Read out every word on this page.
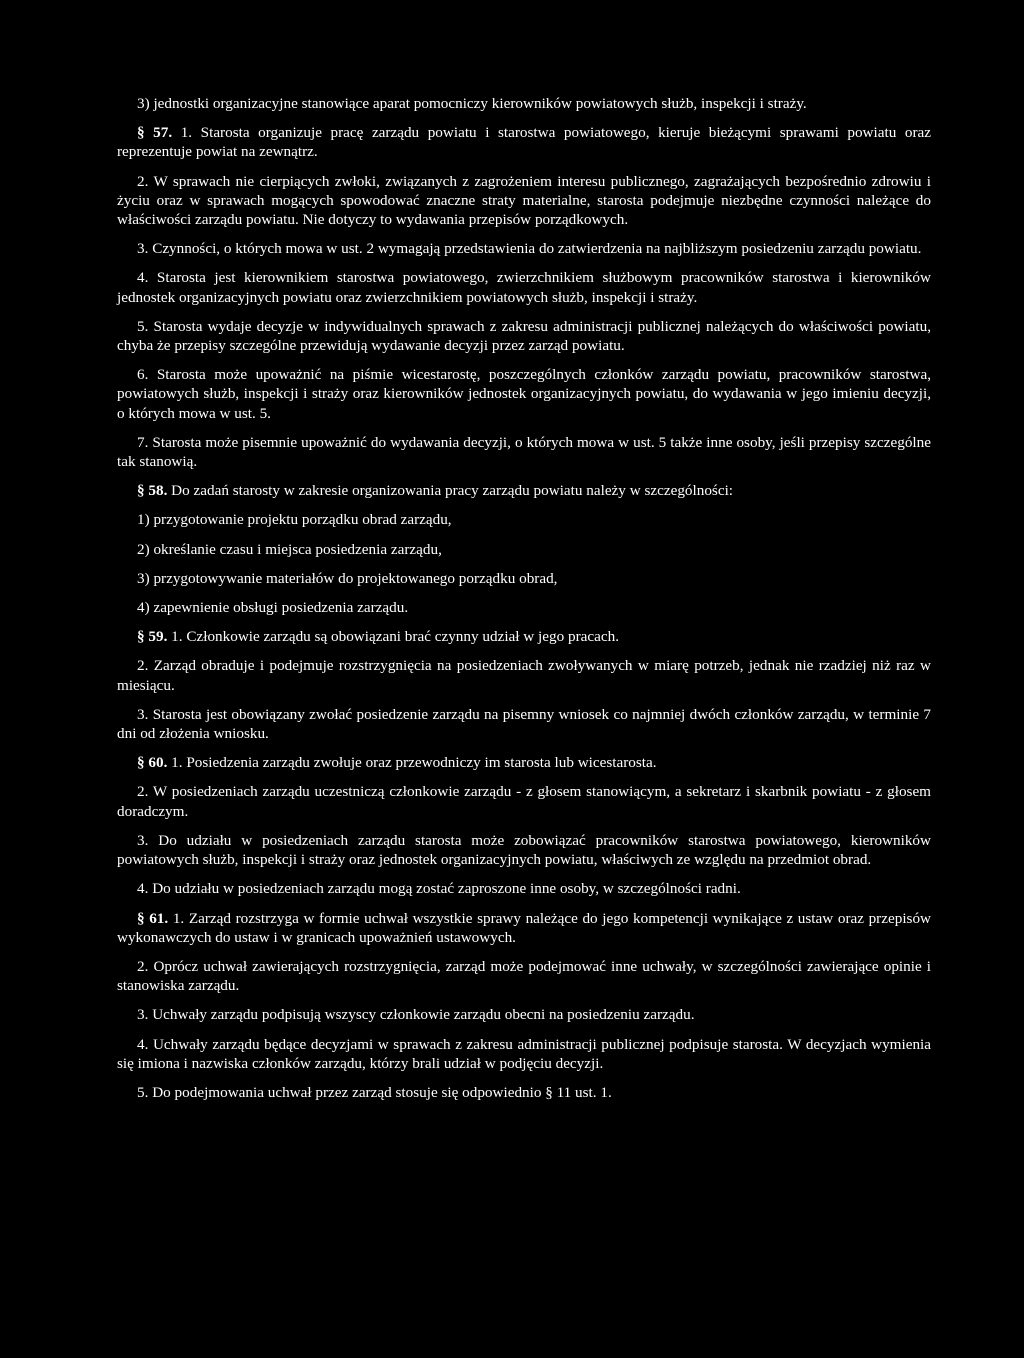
3) jednostki organizacyjne stanowiące aparat pomocniczy kierowników powiatowych służb, inspekcji i straży.

§ 57. 1. Starosta organizuje pracę zarządu powiatu i starostwa powiatowego, kieruje bieżącymi sprawami powiatu oraz reprezentuje powiat na zewnątrz.

2. W sprawach nie cierpiących zwłoki, związanych z zagrożeniem interesu publicznego, zagrażających bezpośrednio zdrowiu i życiu oraz w sprawach mogących spowodować znaczne straty materialne, starosta podejmuje niezbędne czynności należące do właściwości zarządu powiatu. Nie dotyczy to wydawania przepisów porządkowych.

3. Czynności, o których mowa w ust. 2 wymagają przedstawienia do zatwierdzenia na najbliższym posiedzeniu zarządu powiatu.

4. Starosta jest kierownikiem starostwa powiatowego, zwierzchnikiem służbowym pracowników starostwa i kierowników jednostek organizacyjnych powiatu oraz zwierzchnikiem powiatowych służb, inspekcji i straży.

5. Starosta wydaje decyzje w indywidualnych sprawach z zakresu administracji publicznej należących do właściwości powiatu, chyba że przepisy szczególne przewidują wydawanie decyzji przez zarząd powiatu.

6. Starosta może upoważnić na piśmie wicestarostę, poszczególnych członków zarządu powiatu, pracowników starostwa, powiatowych służb, inspekcji i straży oraz kierowników jednostek organizacyjnych powiatu, do wydawania w jego imieniu decyzji, o których mowa w ust. 5.

7. Starosta może pisemnie upoważnić do wydawania decyzji, o których mowa w ust. 5 także inne osoby, jeśli przepisy szczególne tak stanowią.

§ 58. Do zadań starosty w zakresie organizowania pracy zarządu powiatu należy w szczególności:

1) przygotowanie projektu porządku obrad zarządu,

2) określanie czasu i miejsca posiedzenia zarządu,

3) przygotowywanie materiałów do projektowanego porządku obrad,

4) zapewnienie obsługi posiedzenia zarządu.

§ 59. 1. Członkowie zarządu są obowiązani brać czynny udział w jego pracach.

2. Zarząd obraduje i podejmuje rozstrzygnięcia na posiedzeniach zwoływanych w miarę potrzeb, jednak nie rzadziej niż raz w miesiącu.

3. Starosta jest obowiązany zwołać posiedzenie zarządu na pisemny wniosek co najmniej dwóch członków zarządu, w terminie 7 dni od złożenia wniosku.

§ 60. 1. Posiedzenia zarządu zwołuje oraz przewodniczy im starosta lub wicestarosta.

2. W posiedzeniach zarządu uczestniczą członkowie zarządu - z głosem stanowiącym, a sekretarz i skarbnik powiatu - z głosem doradczym.

3. Do udziału w posiedzeniach zarządu starosta może zobowiązać pracowników starostwa powiatowego, kierowników powiatowych służb, inspekcji i straży oraz jednostek organizacyjnych powiatu, właściwych ze względu na przedmiot obrad.

4. Do udziału w posiedzeniach zarządu mogą zostać zaproszone inne osoby, w szczególności radni.

§ 61. 1. Zarząd rozstrzyga w formie uchwał wszystkie sprawy należące do jego kompetencji wynikające z ustaw oraz przepisów wykonawczych do ustaw i w granicach upoważnień ustawowych.

2. Oprócz uchwał zawierających rozstrzygnięcia, zarząd może podejmować inne uchwały, w szczególności zawierające opinie i stanowiska zarządu.

3. Uchwały zarządu podpisują wszyscy członkowie zarządu obecni na posiedzeniu zarządu.

4. Uchwały zarządu będące decyzjami w sprawach z zakresu administracji publicznej podpisuje starosta. W decyzjach wymienia się imiona i nazwiska członków zarządu, którzy brali udział w podjęciu decyzji.

5. Do podejmowania uchwał przez zarząd stosuje się odpowiednio § 11 ust. 1.
